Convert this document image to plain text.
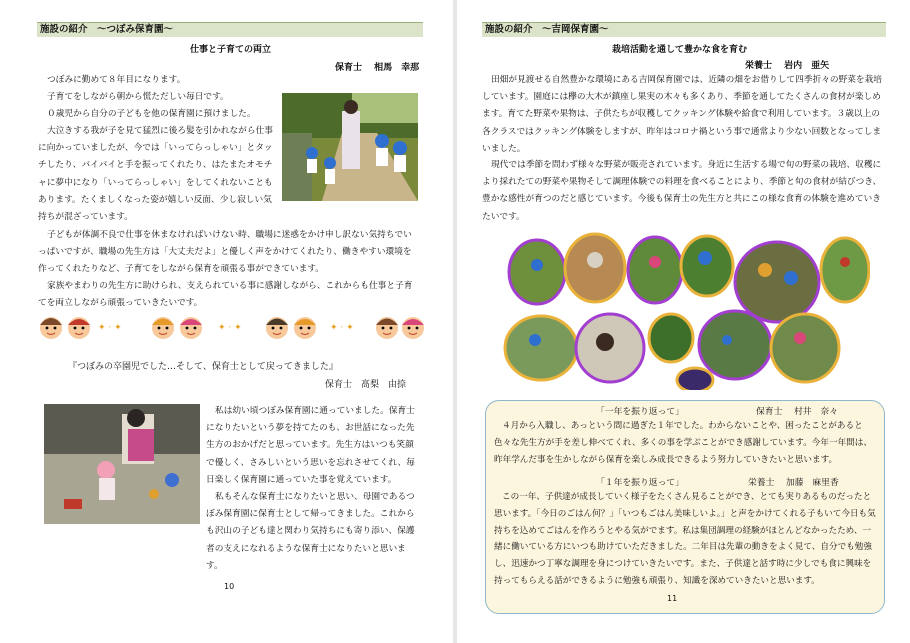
施設の紹介　～つぼみ保育園～
仕事と子育ての両立
保育士　 相馬　幸那

つぼみに勤めて８年目になります。

子育てをしながら朝から慌ただしい毎日です。

０歳児から自分の子どもを他の保育園に預けました。

大泣きする我が子を見て猛烈に後ろ髪を引かれながら仕事に向かっていましたが、今では「いってらっしゃい」とタッチしたり、バイバイと手を振ってくれたり、はたまたオモチャに夢中になり「いってらっしゃい」をしてくれないこともあります。たくましくなった姿が嬉しい反面、少し寂しい気持ちが混ざっています。

子どもが体調不良で仕事を休まなければいけない時、職場に迷惑をかけ申し訳ない気持ちでいっぱいですが、職場の先生方は「大丈夫だよ」と優しく声をかけてくれたり、働きやすい環境を作ってくれたりなど、子育てをしながら保育を頑張る事ができています。

家族やまわりの先生方に助けられ、支えられている事に感謝しながら、これからも仕事と子育てを両立しながら頑張っていきたいです。

✦ · ✦	✦ · ✦	✦ · ✦
『つぼみの卒園児でした…そして、保育士として戻ってきました』
保育士　髙梨　由捺

私は幼い頃つぼみ保育園に通っていました。保育士になりたいという夢を持てたのも、お世話になった先生方のおかげだと思っています。先生方はいつも笑顔で優しく、さみしいという思いを忘れさせてくれ、毎日楽しく保育園に通っていた事を覚えています。

私もそんな保育士になりたいと思い、母園であるつぼみ保育園に保育士として帰ってきました。これからも沢山の子ども達と関わり気持ちにも寄り添い、保護者の支えになれるような保育士になりたいと思います。

10
施設の紹介　～吉岡保育園～
栽培活動を通して豊かな食を育む
栄養士　 岩内　亜矢

田畑が見渡せる自然豊かな環境にある吉岡保育園では、近隣の畑をお借りして四季折々の野菜を栽培しています。園庭には欅の大木が鎮座し果実の木々も多くあり、季節を通してたくさんの食材が楽しめます。育てた野菜や果物は、子供たちが収穫してクッキング体験や給食で利用しています。３歳以上の各クラスではクッキング体験をしますが、昨年はコロナ禍という事で通常より少ない回数となってしまいました。

現代では季節を問わず様々な野菜が販売されています。身近に生活する場で旬の野菜の栽培、収穫により採れたての野菜や果物そして調理体験での料理を食べることにより、季節と旬の食材が結びつき、豊かな感性が育つのだと感じています。今後も保育士の先生方と共にこの様な食育の体験を進めていきたいです。

「一年を振り返って」	保育士　 村井　奈々

４月から入職し、あっという間に過ぎた１年でした。わからないことや、困ったことがあると色々な先生方が手を差し伸べてくれ、多くの事を学ぶことができ感謝しています。今年一年間は、昨年学んだ事を生かしながら保育を楽しみ成長できるよう努力していきたいと思います。

「１年を振り返って」	栄養士　 加藤　麻里香

この一年、子供達が成長していく様子をたくさん見ることができ、とても実りあるものだったと思います。「今日のごはん何？」「いつもごはん美味しいよ。」と声をかけてくれる子もいて今日も気持ちを込めてごはんを作ろうとやる気がでます。私は集団調理の経験がほとんどなかったため、一緒に働いている方にいつも助けていただきました。二年目は先輩の動きをよく見て、自分でも勉強し、迅速かつ丁寧な調理を身につけていきたいです。また、子供達と話す時に少しでも食に興味を持ってもらえる話ができるように勉強も頑張り、知識を深めていきたいと思います。

11
